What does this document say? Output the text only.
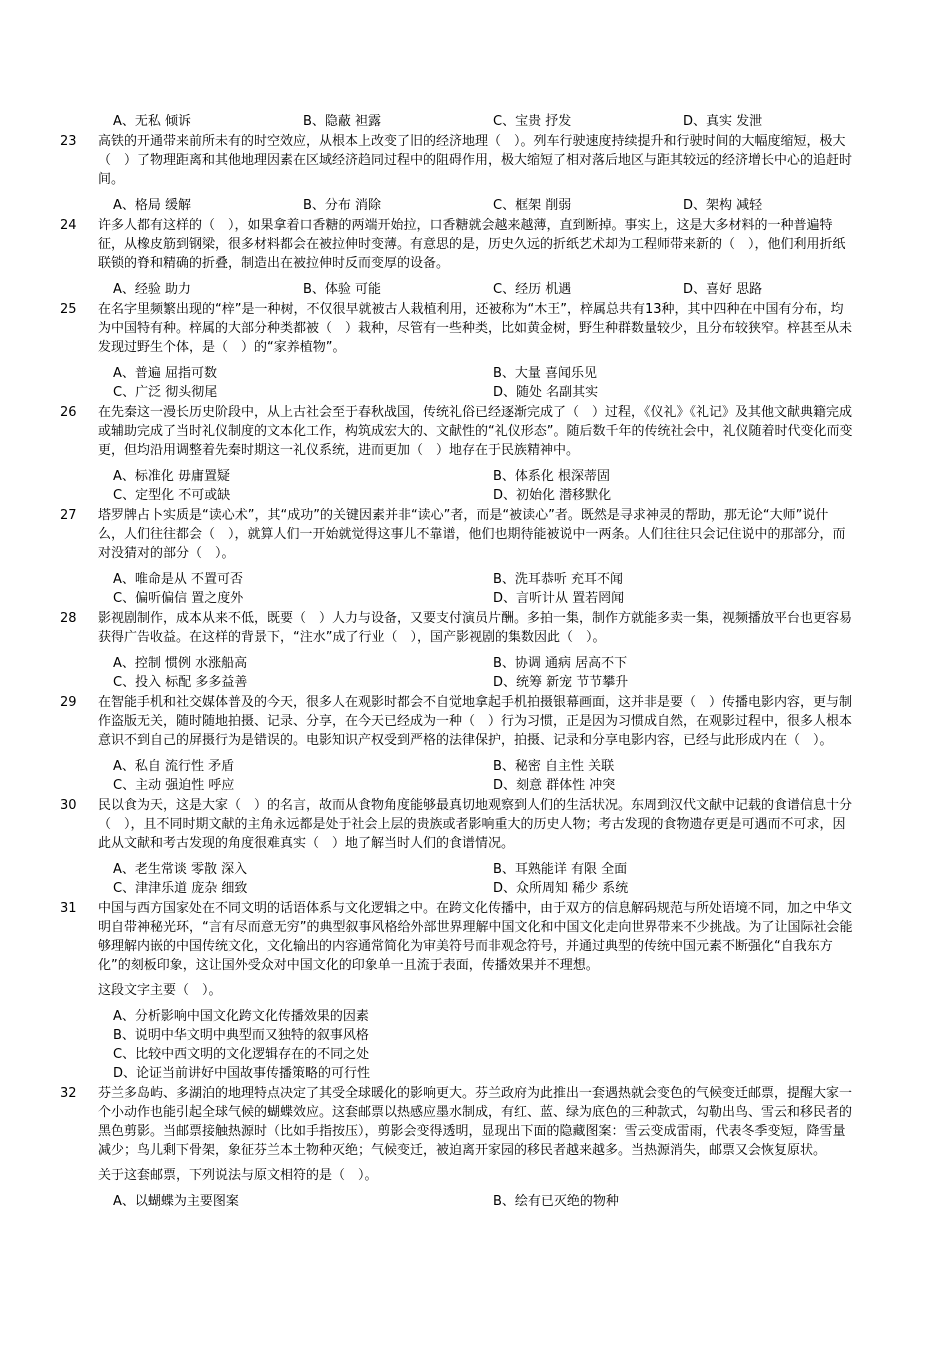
A、无私 倾诉	B、隐蔽 袒露	C、宝贵 抒发	D、真实 发泄
23 高铁的开通带来前所未有的时空效应，从根本上改变了旧的经济地理（　）。列车行驶速度持续提升和行驶时间的大幅度缩短，极大（　）了物理距离和其他地理因素在区域经济趋同过程中的阻碍作用，极大缩短了相对落后地区与距其较远的经济增长中心的追赶时间。
A、格局 缓解	B、分布 消除	C、框架 削弱	D、架构 减轻
24 许多人都有这样的（　），如果拿着口香糖的两端开始拉，口香糖就会越来越薄，直到断掉。事实上，这是大多材料的一种普遍特征，从橡皮筋到钢梁，很多材料都会在被拉伸时变薄。有意思的是，历史久远的折纸艺术却为工程师带来新的（　），他们利用折纸联锁的脊和精确的折叠，制造出在被拉伸时反而变厚的设备。
A、经验 助力	B、体验 可能	C、经历 机遇	D、喜好 思路
25 在名字里频繁出现的“梓”是一种树，不仅很早就被古人栽植利用，还被称为“木王”，梓属总共有13种，其中四种在中国有分布，均为中国特有种。梓属的大部分种类都被（　）栽种，尽管有一些种类，比如黄金树，野生种群数量较少，且分布较狭窄。梓甚至从未发现过野生个体，是（　）的“家养植物”。
A、普遍 屈指可数	B、大量 喜闻乐见
C、广泛 彻头彻尾	D、随处 名副其实
26 在先秦这一漫长历史阶段中，从上古社会至于春秋战国，传统礼俗已经逐渐完成了（　）过程，《仪礼》《礼记》及其他文献典籍完成或辅助完成了当时礼仪制度的文本化工作，构筑成宏大的、文献性的“礼仪形态”。随后数千年的传统社会中，礼仪随着时代变化而变更，但均沿用调整着先秦时期这一礼仪系统，进而更加（　）地存在于民族精神中。
A、标准化 毋庸置疑	B、体系化 根深蒂固
C、定型化 不可或缺	D、初始化 潜移默化
27 塔罗牌占卜实质是“读心术”，其“成功”的关键因素并非“读心”者，而是“被读心”者。既然是寻求神灵的帮助，那无论“大师”说什么，人们往往都会（　），就算人们一开始就觉得这事儿不靠谱，他们也期待能被说中一两条。人们往往只会记住说中的那部分，而对没猜对的部分（　）。
A、唯命是从 不置可否	B、洗耳恭听 充耳不闻
C、偏听偏信 置之度外	D、言听计从 置若罔闻
28 影视剧制作，成本从来不低，既要（　）人力与设备，又要支付演员片酬。多拍一集，制作方就能多卖一集，视频播放平台也更容易获得广告收益。在这样的背景下，“注水”成了行业（　），国产影视剧的集数因此（　）。
A、控制 惯例 水涨船高	B、协调 通病 居高不下
C、投入 标配 多多益善	D、统筹 新宠 节节攀升
29 在智能手机和社交媒体普及的今天，很多人在观影时都会不自觉地拿起手机拍摄银幕画面，这并非是要（　）传播电影内容，更与制作盗版无关，随时随地拍摄、记录、分享，在今天已经成为一种（　）行为习惯，正是因为习惯成自然，在观影过程中，很多人根本意识不到自己的屏摄行为是错误的。电影知识产权受到严格的法律保护，拍摄、记录和分享电影内容，已经与此形成内在（　）。
A、私自 流行性 矛盾	B、秘密 自主性 关联
C、主动 强迫性 呼应	D、刻意 群体性 冲突
30 民以食为天，这是大家（　）的名言，故而从食物角度能够最真切地观察到人们的生活状况。东周到汉代文献中记载的食谱信息十分（　），且不同时期文献的主角永远都是处于社会上层的贵族或者影响重大的历史人物；考古发现的食物遗存更是可遇而不可求，因此从文献和考古发现的角度很难真实（　）地了解当时人们的食谱情况。
A、老生常谈 零散 深入	B、耳熟能详 有限 全面
C、津津乐道 庞杂 细致	D、众所周知 稀少 系统
31 中国与西方国家处在不同文明的话语体系与文化逻辑之中。在跨文化传播中，由于双方的信息解码规范与所处语境不同，加之中华文明自带神秘光环，“言有尽而意无穷”的典型叙事风格给外部世界理解中国文化和中国文化走向世界带来不少挑战。为了让国际社会能够理解内嵌的中国传统文化，文化输出的内容通常简化为审美符号而非观念符号，并通过典型的传统中国元素不断强化“自我东方化”的刻板印象，这让国外受众对中国文化的印象单一且流于表面，传播效果并不理想。
这段文字主要（　）。
A、分析影响中国文化跨文化传播效果的因素
B、说明中华文明中典型而又独特的叙事风格
C、比较中西文明的文化逻辑存在的不同之处
D、论证当前讲好中国故事传播策略的可行性
32 芬兰多岛屿、多湖泊的地理特点决定了其受全球暖化的影响更大。芬兰政府为此推出一套遇热就会变色的气候变迁邮票，提醒大家一个小动作也能引起全球气候的蝴蝶效应。这套邮票以热感应墨水制成，有红、蓝、绿为底色的三种款式，勾勒出鸟、雪云和移民者的黑色剪影。当邮票接触热源时（比如手指按压），剪影会变得透明，显现出下面的隐藏图案：雪云变成雷雨，代表冬季变短，降雪量减少；鸟儿剩下骨架，象征芬兰本土物种灭绝；气候变迁，被迫离开家园的移民者越来越多。当热源消失，邮票又会恢复原状。
关于这套邮票，下列说法与原文相符的是（　）。
A、以蝴蝶为主要图案	B、绘有已灭绝的物种
